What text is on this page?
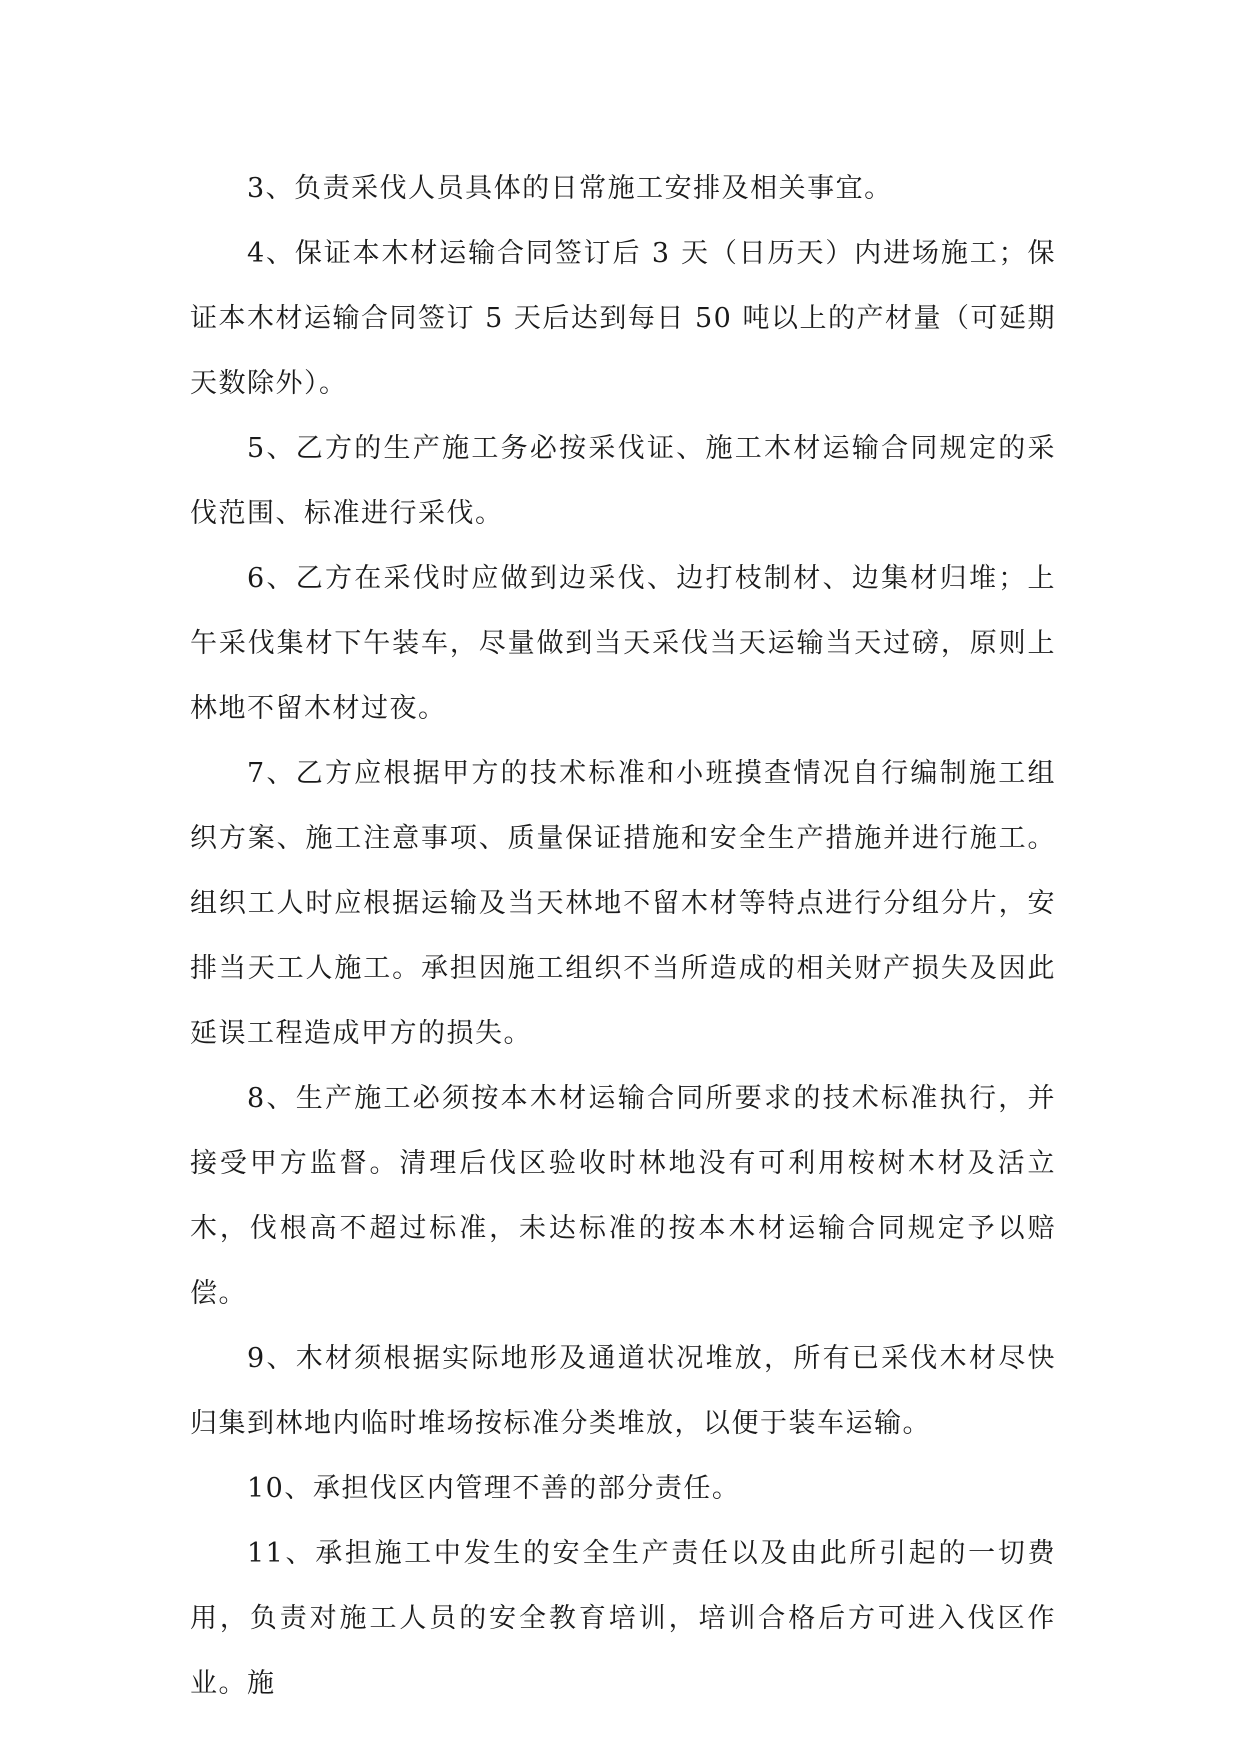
3、负责采伐人员具体的日常施工安排及相关事宜。

4、保证本木材运输合同签订后 3 天（日历天）内进场施工；保证本木材运输合同签订 5 天后达到每日 50 吨以上的产材量（可延期天数除外）。

5、乙方的生产施工务必按采伐证、施工木材运输合同规定的采伐范围、标准进行采伐。

6、乙方在采伐时应做到边采伐、边打枝制材、边集材归堆；上午采伐集材下午装车，尽量做到当天采伐当天运输当天过磅，原则上林地不留木材过夜。

7、乙方应根据甲方的技术标准和小班摸查情况自行编制施工组织方案、施工注意事项、质量保证措施和安全生产措施并进行施工。组织工人时应根据运输及当天林地不留木材等特点进行分组分片，安排当天工人施工。承担因施工组织不当所造成的相关财产损失及因此延误工程造成甲方的损失。

8、生产施工必须按本木材运输合同所要求的技术标准执行，并接受甲方监督。清理后伐区验收时林地没有可利用桉树木材及活立木，伐根高不超过标准，未达标准的按本木材运输合同规定予以赔偿。

9、木材须根据实际地形及通道状况堆放，所有已采伐木材尽快归集到林地内临时堆场按标准分类堆放，以便于装车运输。

10、承担伐区内管理不善的部分责任。

11、承担施工中发生的安全生产责任以及由此所引起的一切费用，负责对施工人员的安全教育培训，培训合格后方可进入伐区作业。施
